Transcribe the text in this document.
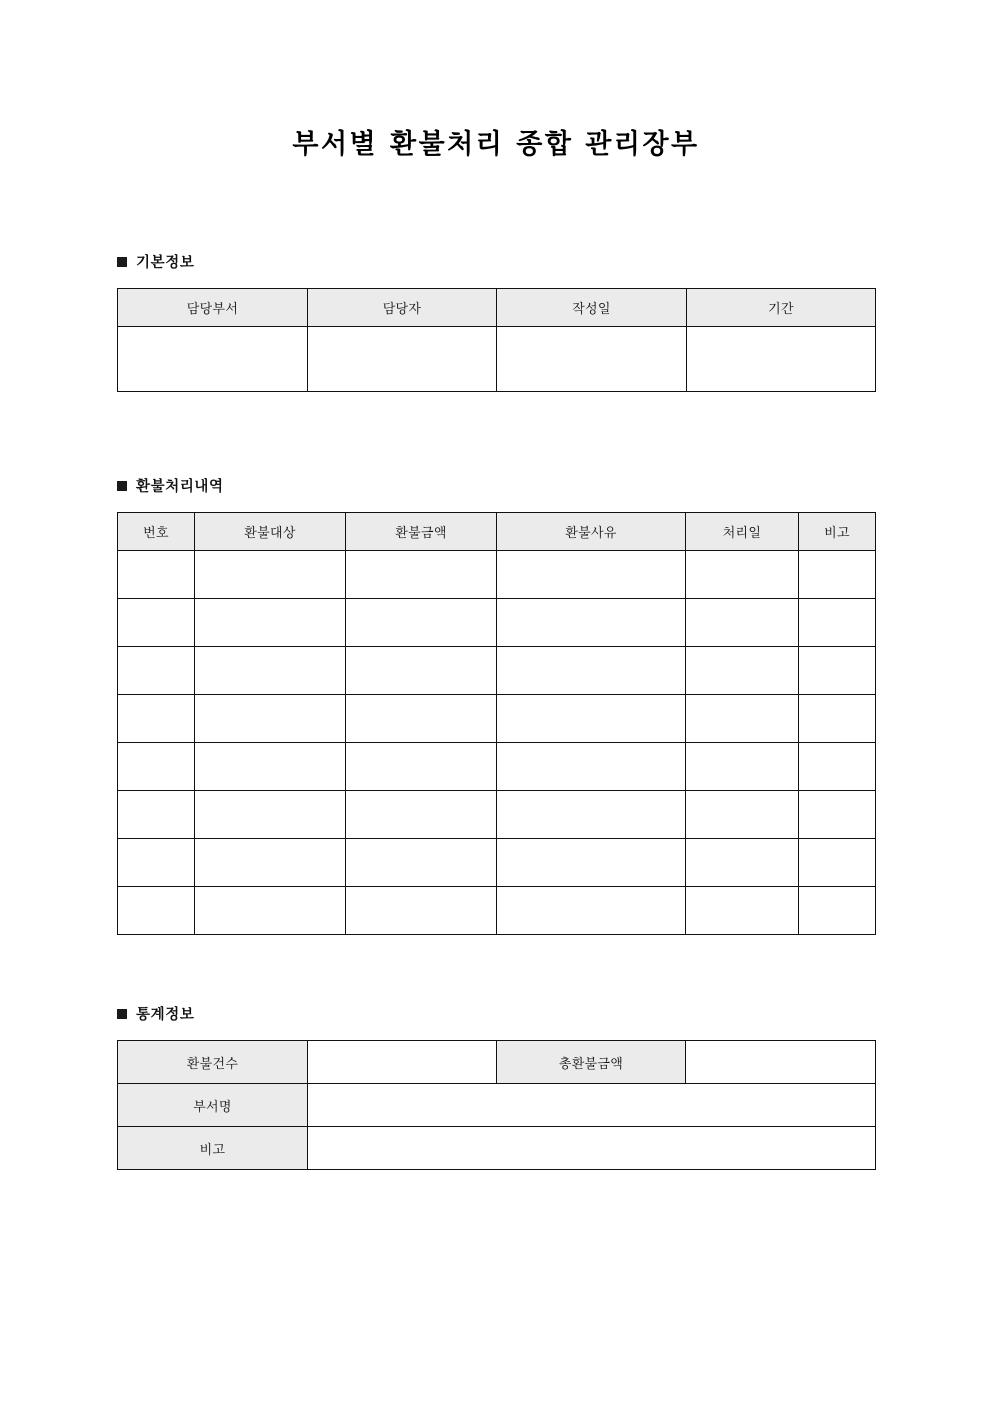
부서별 환불처리 종합 관리장부
기본정보
담당부서	담당자	작성일	기간

환불처리내역
번호	환불대상	환불금액	환불사유	처리일	비고

통계정보
환불건수		총환불금액	
부서명			
비고			
